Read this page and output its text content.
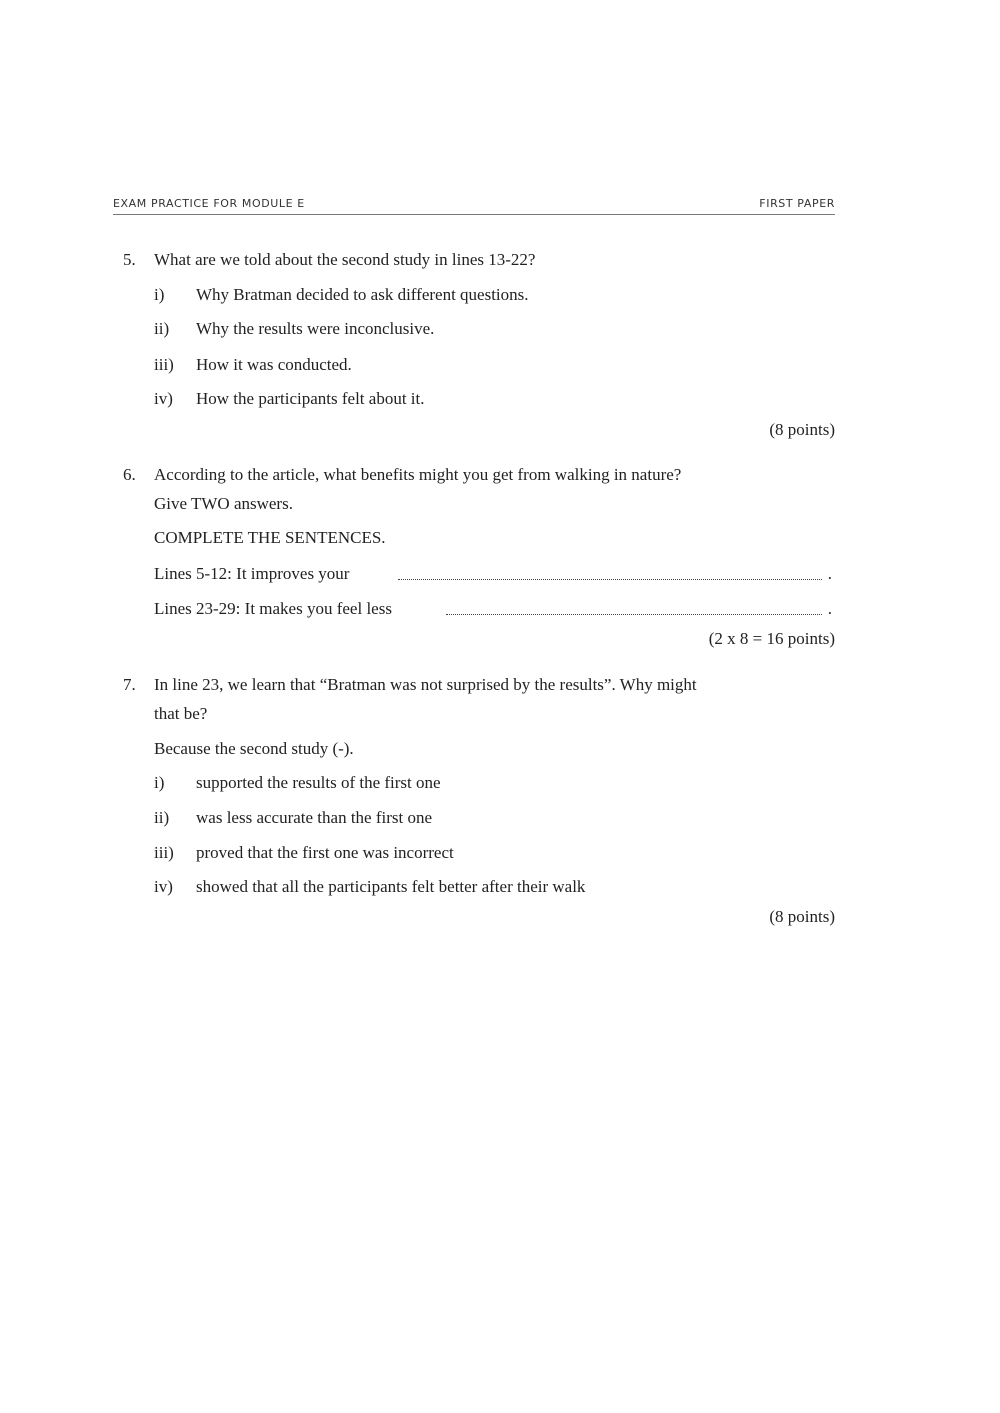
EXAM PRACTICE FOR MODULE E	FIRST PAPER
5. What are we told about the second study in lines 13-22?
i) Why Bratman decided to ask different questions.
ii) Why the results were inconclusive.
iii) How it was conducted.
iv) How the participants felt about it.
(8 points)
6. According to the article, what benefits might you get from walking in nature?
Give TWO answers.
COMPLETE THE SENTENCES.
Lines 5-12: It improves your	.
Lines 23-29: It makes you feel less	.
(2 x 8 = 16 points)
7. In line 23, we learn that “Bratman was not surprised by the results”. Why might
that be?
Because the second study (-).
i) supported the results of the first one
ii) was less accurate than the first one
iii) proved that the first one was incorrect
iv) showed that all the participants felt better after their walk
(8 points)
